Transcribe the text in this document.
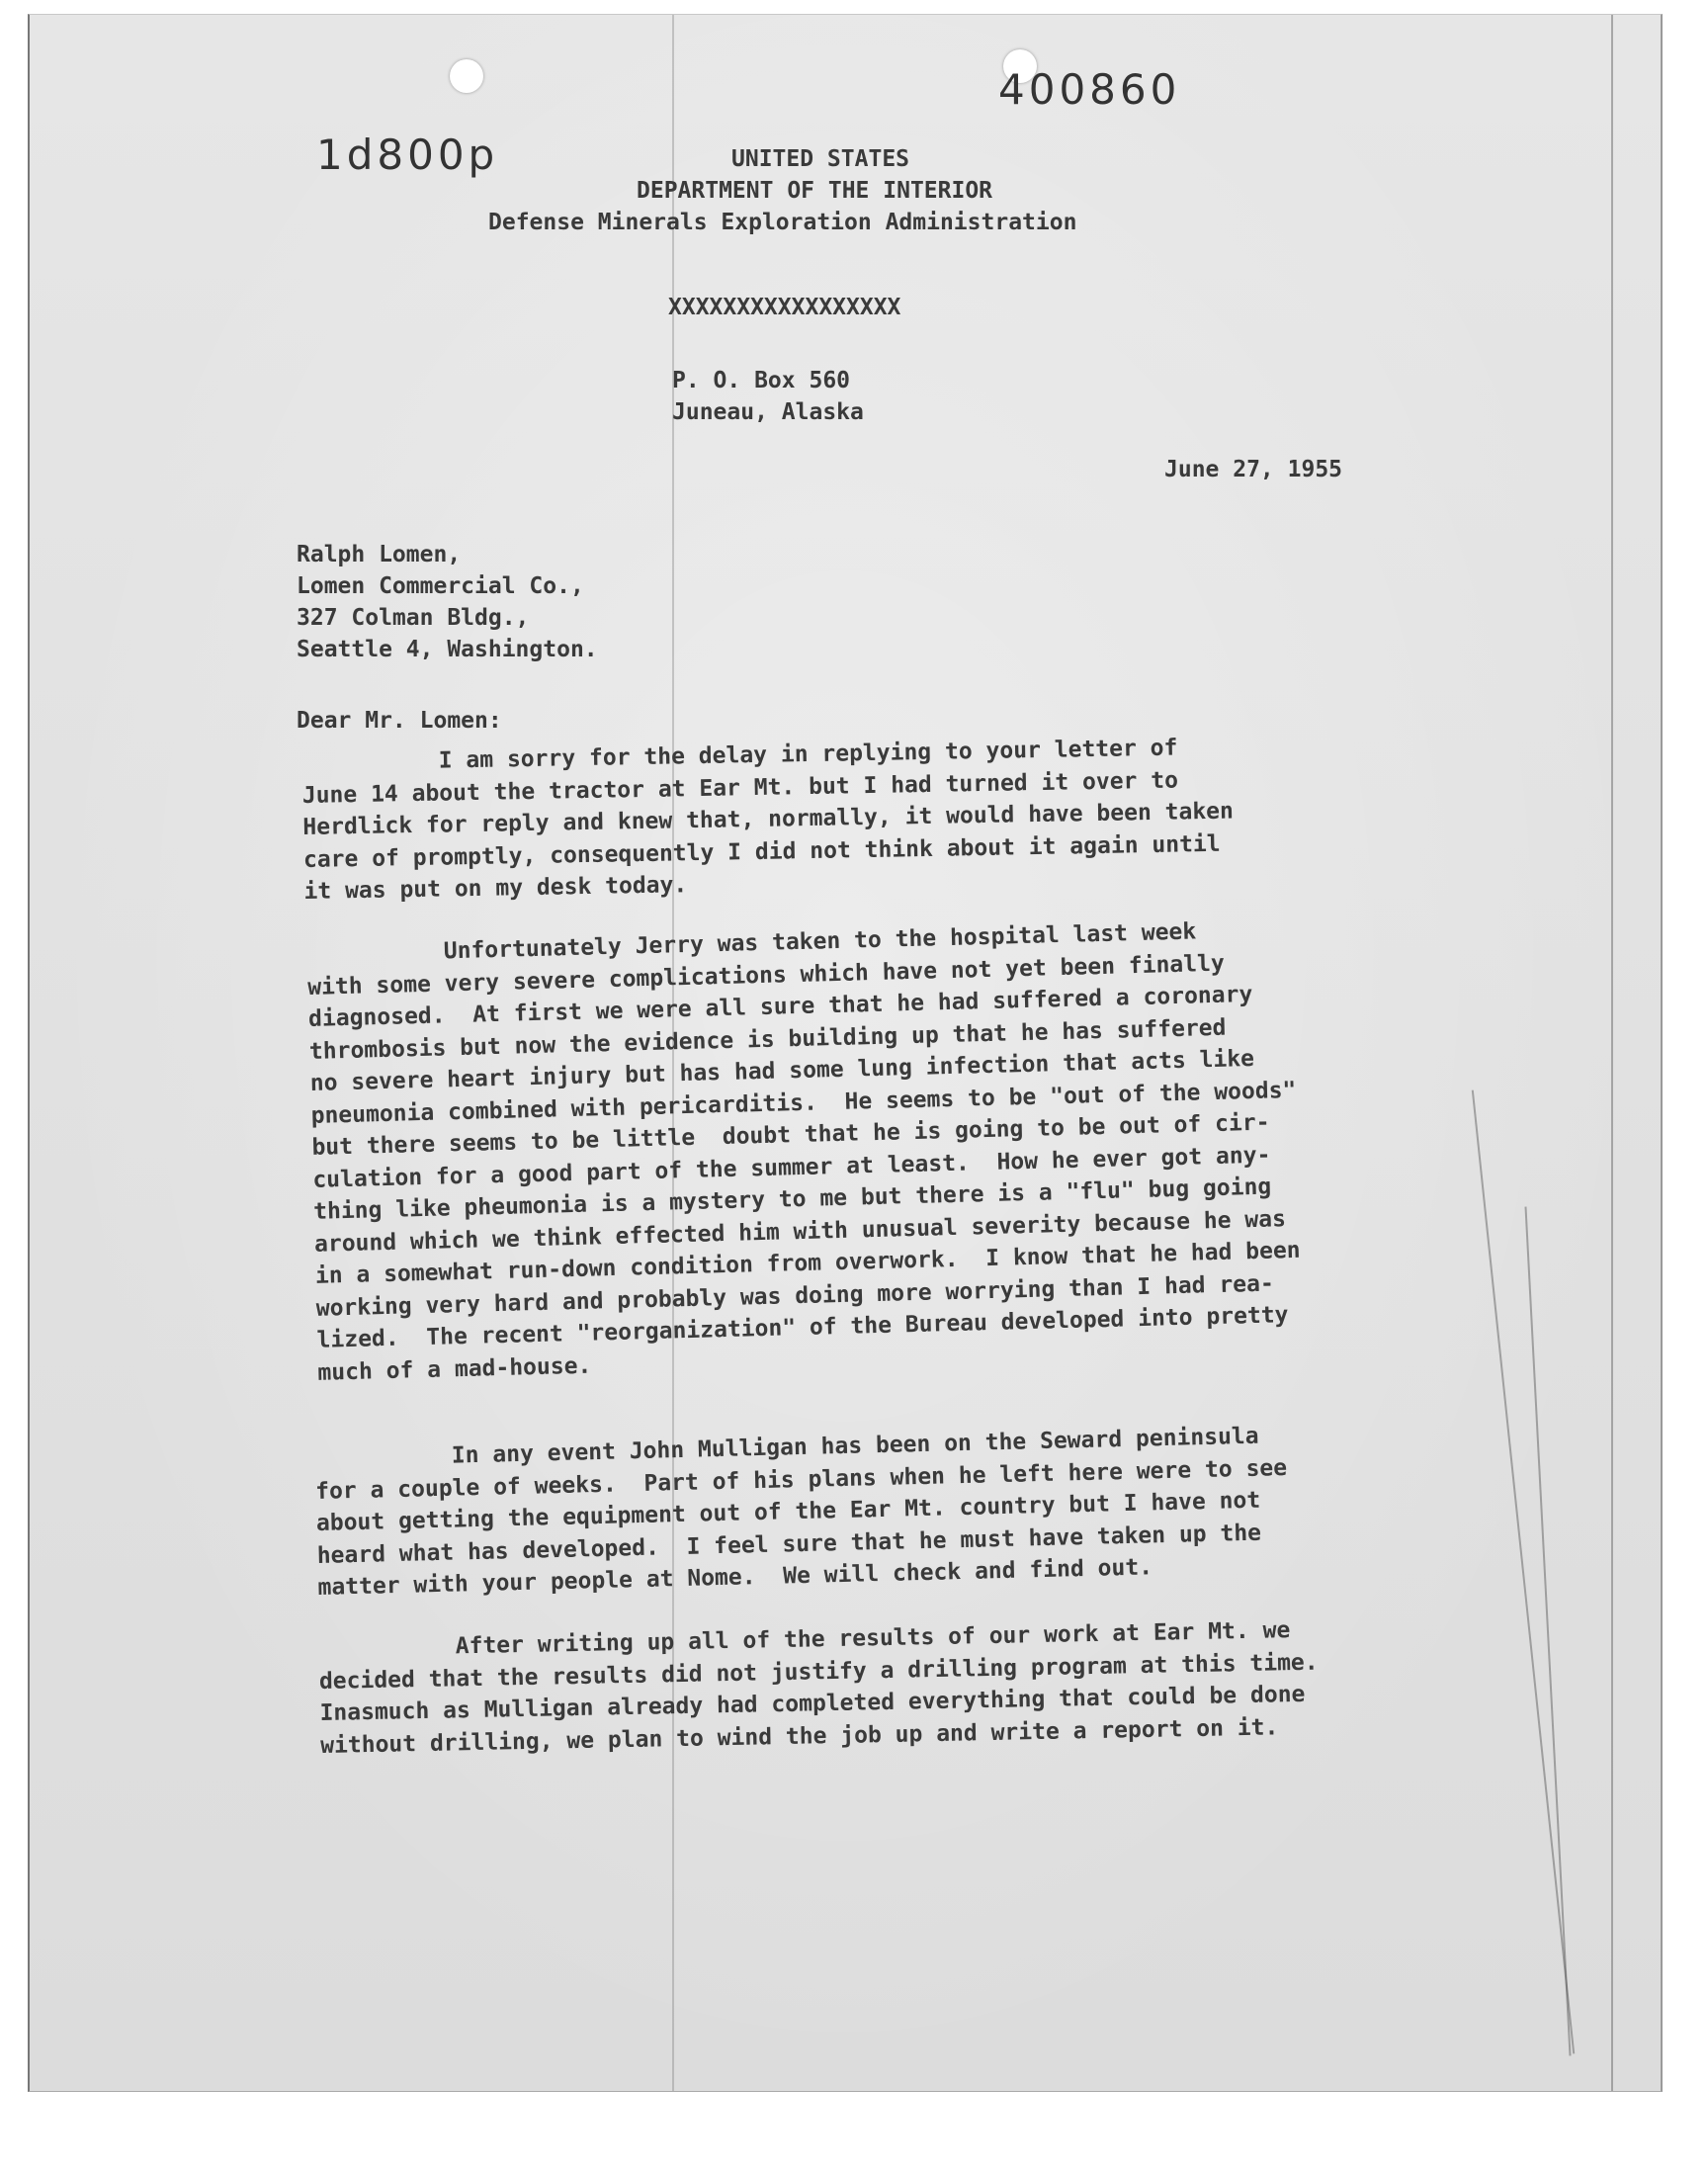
1d800p
400860
UNITED STATES
DEPARTMENT OF THE INTERIOR
Defense Minerals Exploration Administration
XXXXXXXXXXXXXXXXX
P. O. Box 560
Juneau, Alaska
June 27, 1955
Ralph Lomen,
Lomen Commercial Co.,
327 Colman Bldg.,
Seattle 4, Washington.
Dear Mr. Lomen:
I am sorry for the delay in replying to your letter of
June 14 about the tractor at Ear Mt. but I had turned it over to
Herdlick for reply and knew that, normally, it would have been taken
care of promptly, consequently I did not think about it again until
it was put on my desk today.
Unfortunately Jerry was taken to the hospital last week
with some very severe complications which have not yet been finally
diagnosed.  At first we were all sure that he had suffered a coronary
thrombosis but now the evidence is building up that he has suffered
no severe heart injury but has had some lung infection that acts like
pneumonia combined with pericarditis.  He seems to be "out of the woods"
but there seems to be little  doubt that he is going to be out of cir-
culation for a good part of the summer at least.  How he ever got any-
thing like pheumonia is a mystery to me but there is a "flu" bug going
around which we think effected him with unusual severity because he was
in a somewhat run-down condition from overwork.  I know that he had been
working very hard and probably was doing more worrying than I had rea-
lized.  The recent "reorganization" of the Bureau developed into pretty
much of a mad-house.
In any event John Mulligan has been on the Seward peninsula
for a couple of weeks.  Part of his plans when he left here were to see
about getting the equipment out of the Ear Mt. country but I have not
heard what has developed.  I feel sure that he must have taken up the
matter with your people at Nome.  We will check and find out.
After writing up all of the results of our work at Ear Mt. we
decided that the results did not justify a drilling program at this time.
Inasmuch as Mulligan already had completed everything that could be done
without drilling, we plan to wind the job up and write a report on it.
